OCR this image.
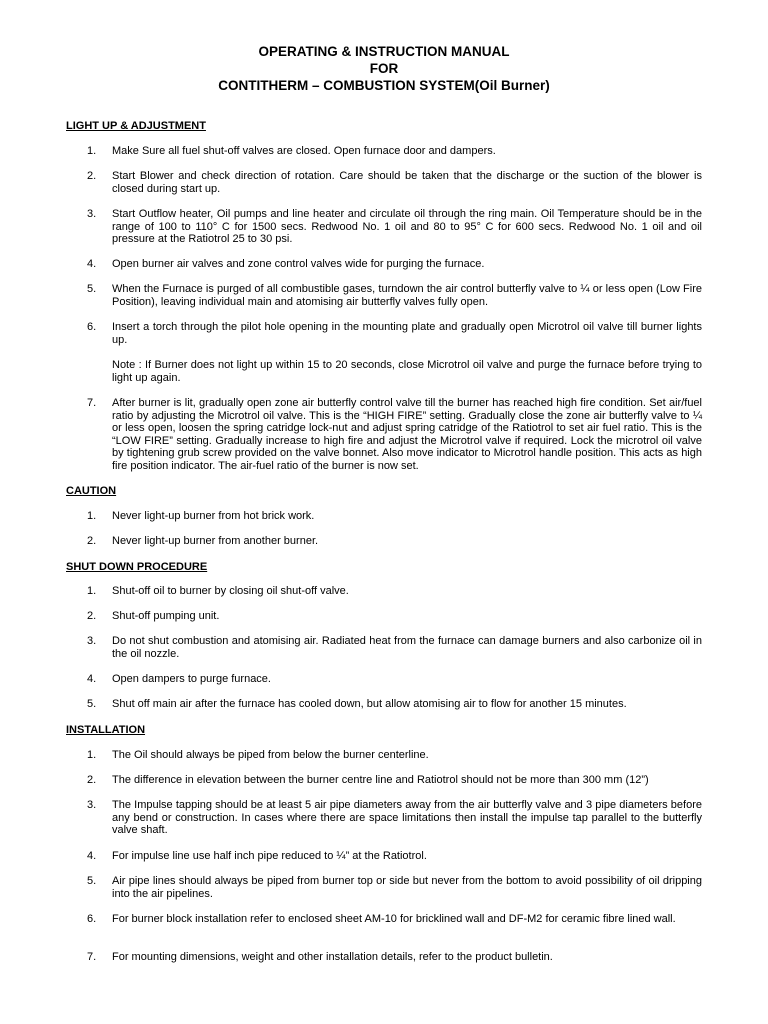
OPERATING & INSTRUCTION MANUAL
FOR
CONTITHERM – COMBUSTION SYSTEM(Oil Burner)
LIGHT UP & ADJUSTMENT
1.	Make Sure all fuel shut-off valves are closed. Open furnace door and dampers.
2.	Start Blower and check direction of rotation. Care should be taken that the discharge or the suction of the blower is closed during start up.
3.	Start Outflow heater, Oil pumps and line heater and circulate oil through the ring main. Oil Temperature should be in the range of 100 to 110° C for 1500 secs. Redwood No. 1 oil and 80 to 95° C for 600 secs. Redwood No. 1 oil and oil pressure at the Ratiotrol 25 to 30 psi.
4.	Open burner air valves and zone control valves wide for purging the furnace.
5.	When the Furnace is purged of all combustible gases, turndown the air control butterfly valve to ¼ or less open (Low Fire Position), leaving individual main and atomising air butterfly valves fully open.
6.	Insert a torch through the pilot hole opening in the mounting plate and gradually open Microtrol oil valve till burner lights up.
Note : If Burner does not light up within 15 to 20 seconds, close Microtrol oil valve and purge the furnace before trying to light up again.
7.	After burner is lit, gradually open zone air butterfly control valve till the burner has reached high fire condition. Set air/fuel ratio by adjusting the Microtrol oil valve. This is the “HIGH FIRE” setting. Gradually close the zone air butterfly valve to ¼ or less open, loosen the spring catridge lock-nut and adjust spring catridge of the Ratiotrol to set air fuel ratio. This is the “LOW FIRE” setting. Gradually increase to high fire and adjust the Microtrol valve if required. Lock the microtrol oil valve by tightening grub screw provided on the valve bonnet. Also move indicator to Microtrol handle position. This acts as high fire position indicator. The air-fuel ratio of the burner is now set.
CAUTION
1.	Never light-up burner from hot brick work.
2.	Never light-up burner from another burner.
SHUT DOWN PROCEDURE
1.	Shut-off oil to burner by closing oil shut-off valve.
2.	Shut-off pumping unit.
3.	Do not shut combustion and atomising air. Radiated heat from the furnace can damage burners and also carbonize oil in the oil nozzle.
4.	Open dampers to purge furnace.
5.	Shut off main air after the furnace has cooled down, but allow atomising air to flow for another 15 minutes.
INSTALLATION
1.	The Oil should always be piped from below the burner centerline.
2.	The difference in elevation between the burner centre line and Ratiotrol should not be more than 300 mm (12”)
3.	The Impulse tapping should be at least 5 air pipe diameters away from the air butterfly valve and 3 pipe diameters before any bend or construction. In cases where there are space limitations then install the impulse tap parallel to the butterfly valve shaft.
4.	For impulse line use half inch pipe reduced to ¼” at the Ratiotrol.
5.	Air pipe lines should always be piped from burner top or side but never from the bottom to avoid possibility of oil dripping into the air pipelines.
6.	For burner block installation refer to enclosed sheet AM-10 for bricklined wall and DF-M2 for ceramic fibre lined wall.
7.	For mounting dimensions, weight and other installation details, refer to the product bulletin.
